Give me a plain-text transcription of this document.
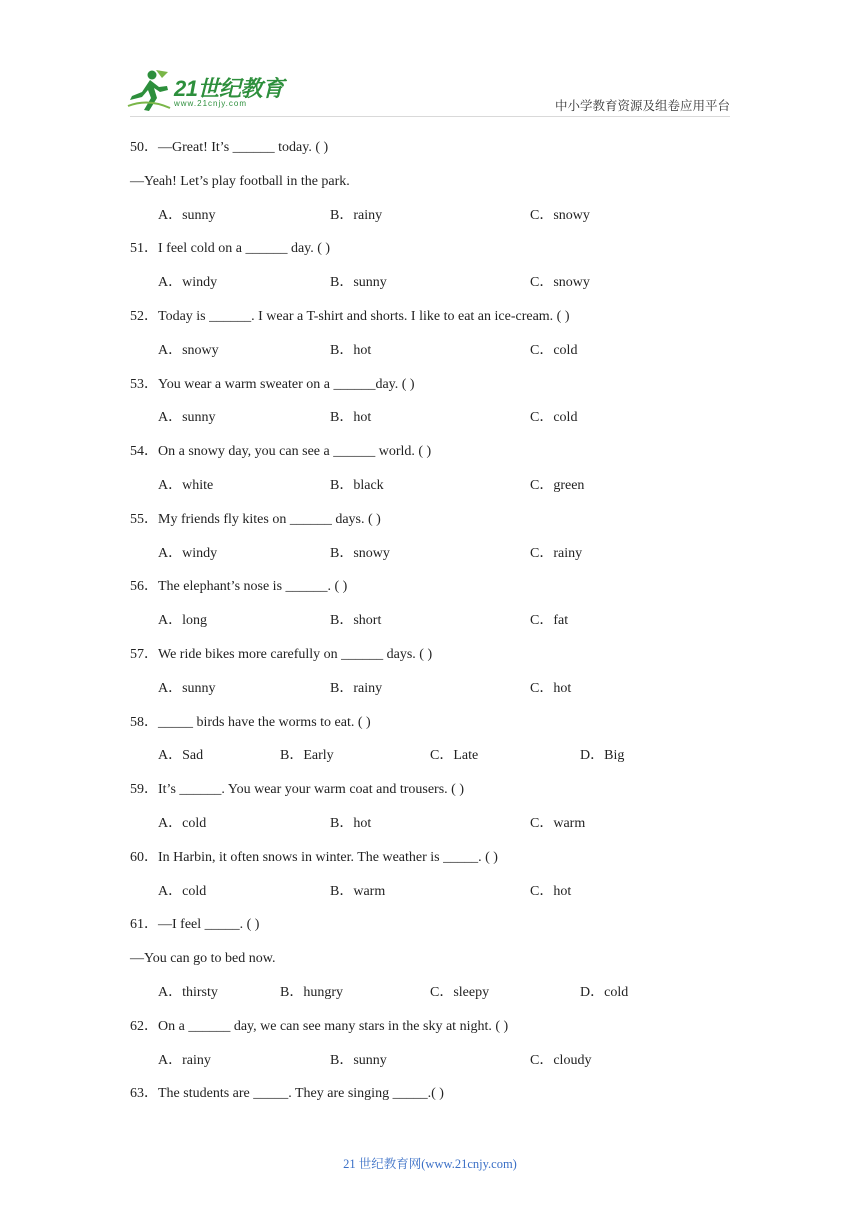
21世纪教育
www.21cnjy.com	中小学教育资源及组卷应用平台
50．—Great! It’s ______ today. ( )
—Yeah! Let’s play football in the park.
A．sunny	B．rainy	C．snowy
51．I feel cold on a ______ day. ( )
A．windy	B．sunny	C．snowy
52．Today is ______. I wear a T-shirt and shorts. I like to eat an ice-cream. ( )
A．snowy	B．hot	C．cold
53．You wear a warm sweater on a ______day. ( )
A．sunny	B．hot	C．cold
54．On a snowy day, you can see a ______ world. ( )
A．white	B．black	C．green
55．My friends fly kites on ______ days. ( )
A．windy	B．snowy	C．rainy
56．The elephant’s nose is ______. ( )
A．long	B．short	C．fat
57．We ride bikes more carefully on ______ days. ( )
A．sunny	B．rainy	C．hot
58．_____ birds have the worms to eat. ( )
A．Sad	B．Early	C．Late	D．Big
59．It’s ______. You wear your warm coat and trousers. ( )
A．cold	B．hot	C．warm
60．In Harbin, it often snows in winter. The weather is _____. ( )
A．cold	B．warm	C．hot
61．—I feel _____. ( )
—You can go to bed now.
A．thirsty	B．hungry	C．sleepy	D．cold
62．On a ______ day, we can see many stars in the sky at night. ( )
A．rainy	B．sunny	C．cloudy
63．The students are _____. They are singing _____.( )
21 世纪教育网(www.21cnjy.com)
